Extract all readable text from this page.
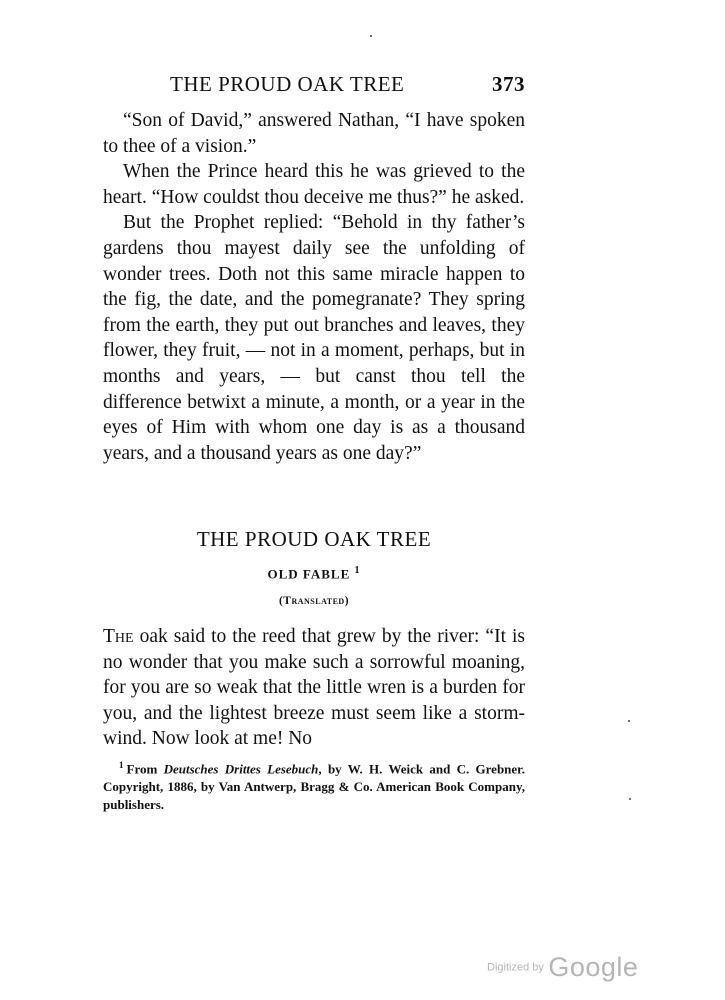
THE PROUD OAK TREE	373

“Son of David,” answered Nathan, “I have spoken to thee of a vision.”

When the Prince heard this he was grieved to the heart. “How couldst thou deceive me thus?” he asked.

But the Prophet replied: “Behold in thy father’s gardens thou mayest daily see the unfolding of wonder trees. Doth not this same miracle happen to the fig, the date, and the pomegranate? They spring from the earth, they put out branches and leaves, they flower, they fruit, — not in a moment, perhaps, but in months and years, — but canst thou tell the difference betwixt a minute, a month, or a year in the eyes of Him with whom one day is as a thousand years, and a thousand years as one day?”

THE PROUD OAK TREE
OLD FABLE $^1$
(Translated)

The oak said to the reed that grew by the river: “It is no wonder that you make such a sorrowful moaning, for you are so weak that the little wren is a burden for you, and the lightest breeze must seem like a storm-wind. Now look at me! No

$^1$ From Deutsches Drittes Lesebuch, by W. H. Weick and C. Grebner. Copyright, 1886, by Van Antwerp, Bragg & Co. American Book Company, publishers.

Digitized by Google
